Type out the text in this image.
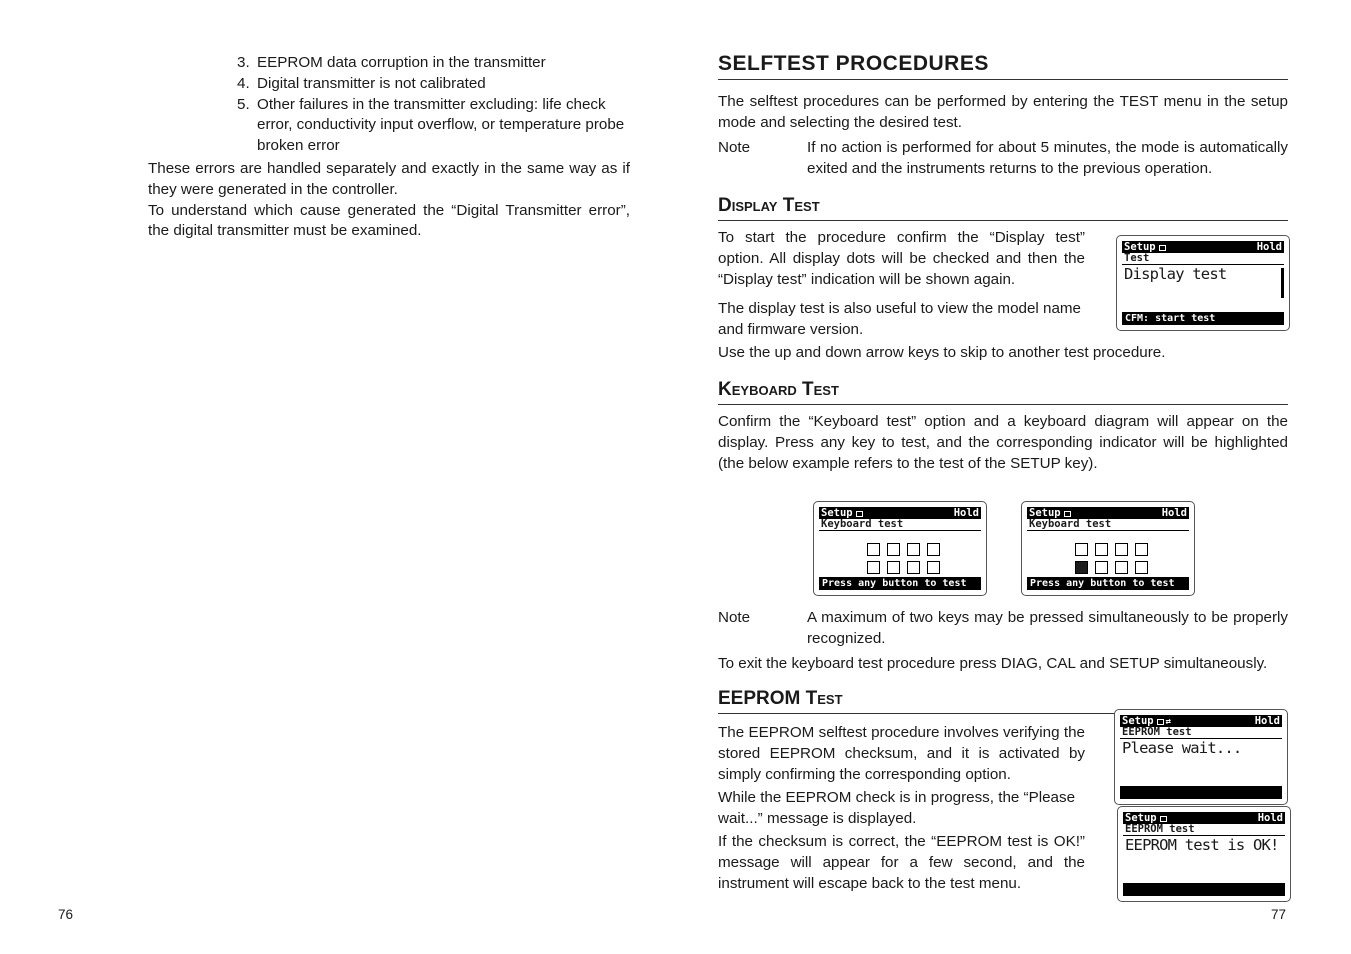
3. EEPROM data corruption in the transmitter
4. Digital transmitter is not calibrated
5. Other failures in the transmitter excluding: life check error, conductivity input overflow, or temperature probe broken error

These errors are handled separately and exactly in the same way as if they were generated in the controller.

To understand which cause generated the “Digital Transmitter error”, the digital transmitter must be examined.

76
SELFTEST PROCEDURES

The selftest procedures can be performed by entering the TEST menu in the setup mode and selecting the desired test.

Note	If no action is performed for about 5 minutes, the mode is automatically exited and the instruments returns to the previous operation.
Display Test

To start the procedure confirm the “Display test” option. All display dots will be checked and then the “Display test” indication will be shown again.

The display test is also useful to view the model name and firmware version.

Use the up and down arrow keys to skip to another test procedure.

Setup	Hold
Test
Display test
CFM: start test
Keyboard Test

Confirm the “Keyboard test” option and a keyboard diagram will appear on the display. Press any key to test, and the corresponding indicator will be highlighted (the below example refers to the test of the SETUP key).

Setup	Hold
Keyboard test
Press any button to test
Setup	Hold
Keyboard test
Press any button to test
Note	A maximum of two keys may be pressed simultaneously to be properly recognized.

To exit the keyboard test procedure press DIAG, CAL and SETUP simultaneously.

EEPROM Test

The EEPROM selftest procedure involves verifying the stored EEPROM checksum, and it is activated by simply confirming the corresponding option.

While the EEPROM check is in progress, the “Please wait...” message is displayed.

If the checksum is correct, the “EEPROM test is OK!” message will appear for a few second, and the instrument will escape back to the test menu.

Setup ⇄	Hold
EEPROM test
Please wait...
Setup	Hold
EEPROM test
EEPROM test is OK!
77
